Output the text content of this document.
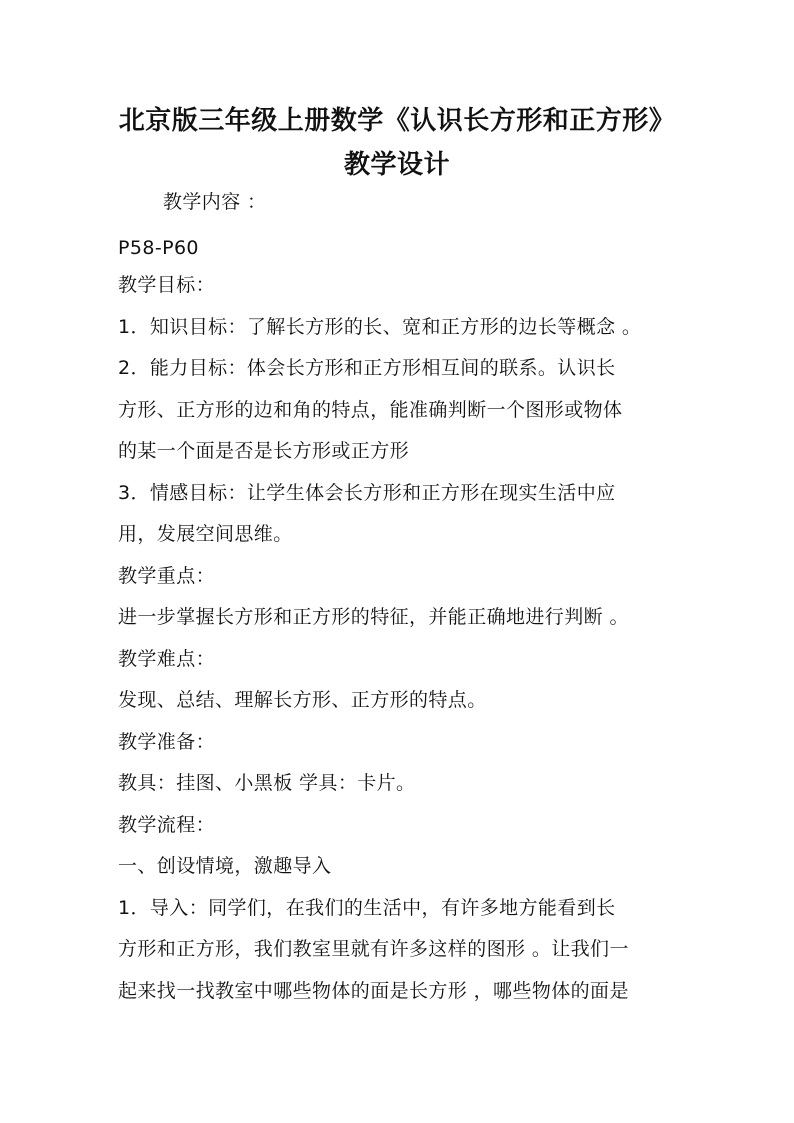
北京版三年级上册数学《认识长方形和正方形》
教学设计
教学内容 ：
P58-P60
教学目标：
1．知识目标：了解长方形的长、宽和正方形的边长等概念 。
2．能力目标：体会长方形和正方形相互间的联系。认识长
方形、正方形的边和角的特点，能准确判断一个图形或物体
的某一个面是否是长方形或正方形
3．情感目标：让学生体会长方形和正方形在现实生活中应
用，发展空间思维。
教学重点：
进一步掌握长方形和正方形的特征，并能正确地进行判断 。
教学难点：
发现、总结、理解长方形、正方形的特点。
教学准备：
教具：挂图、小黑板 学具：卡片。
教学流程：
一、创设情境，激趣导入
1．导入：同学们，在我们的生活中，有许多地方能看到长
方形和正方形，我们教室里就有许多这样的图形 。让我们一
起来找一找教室中哪些物体的面是长方形 ，哪些物体的面是
